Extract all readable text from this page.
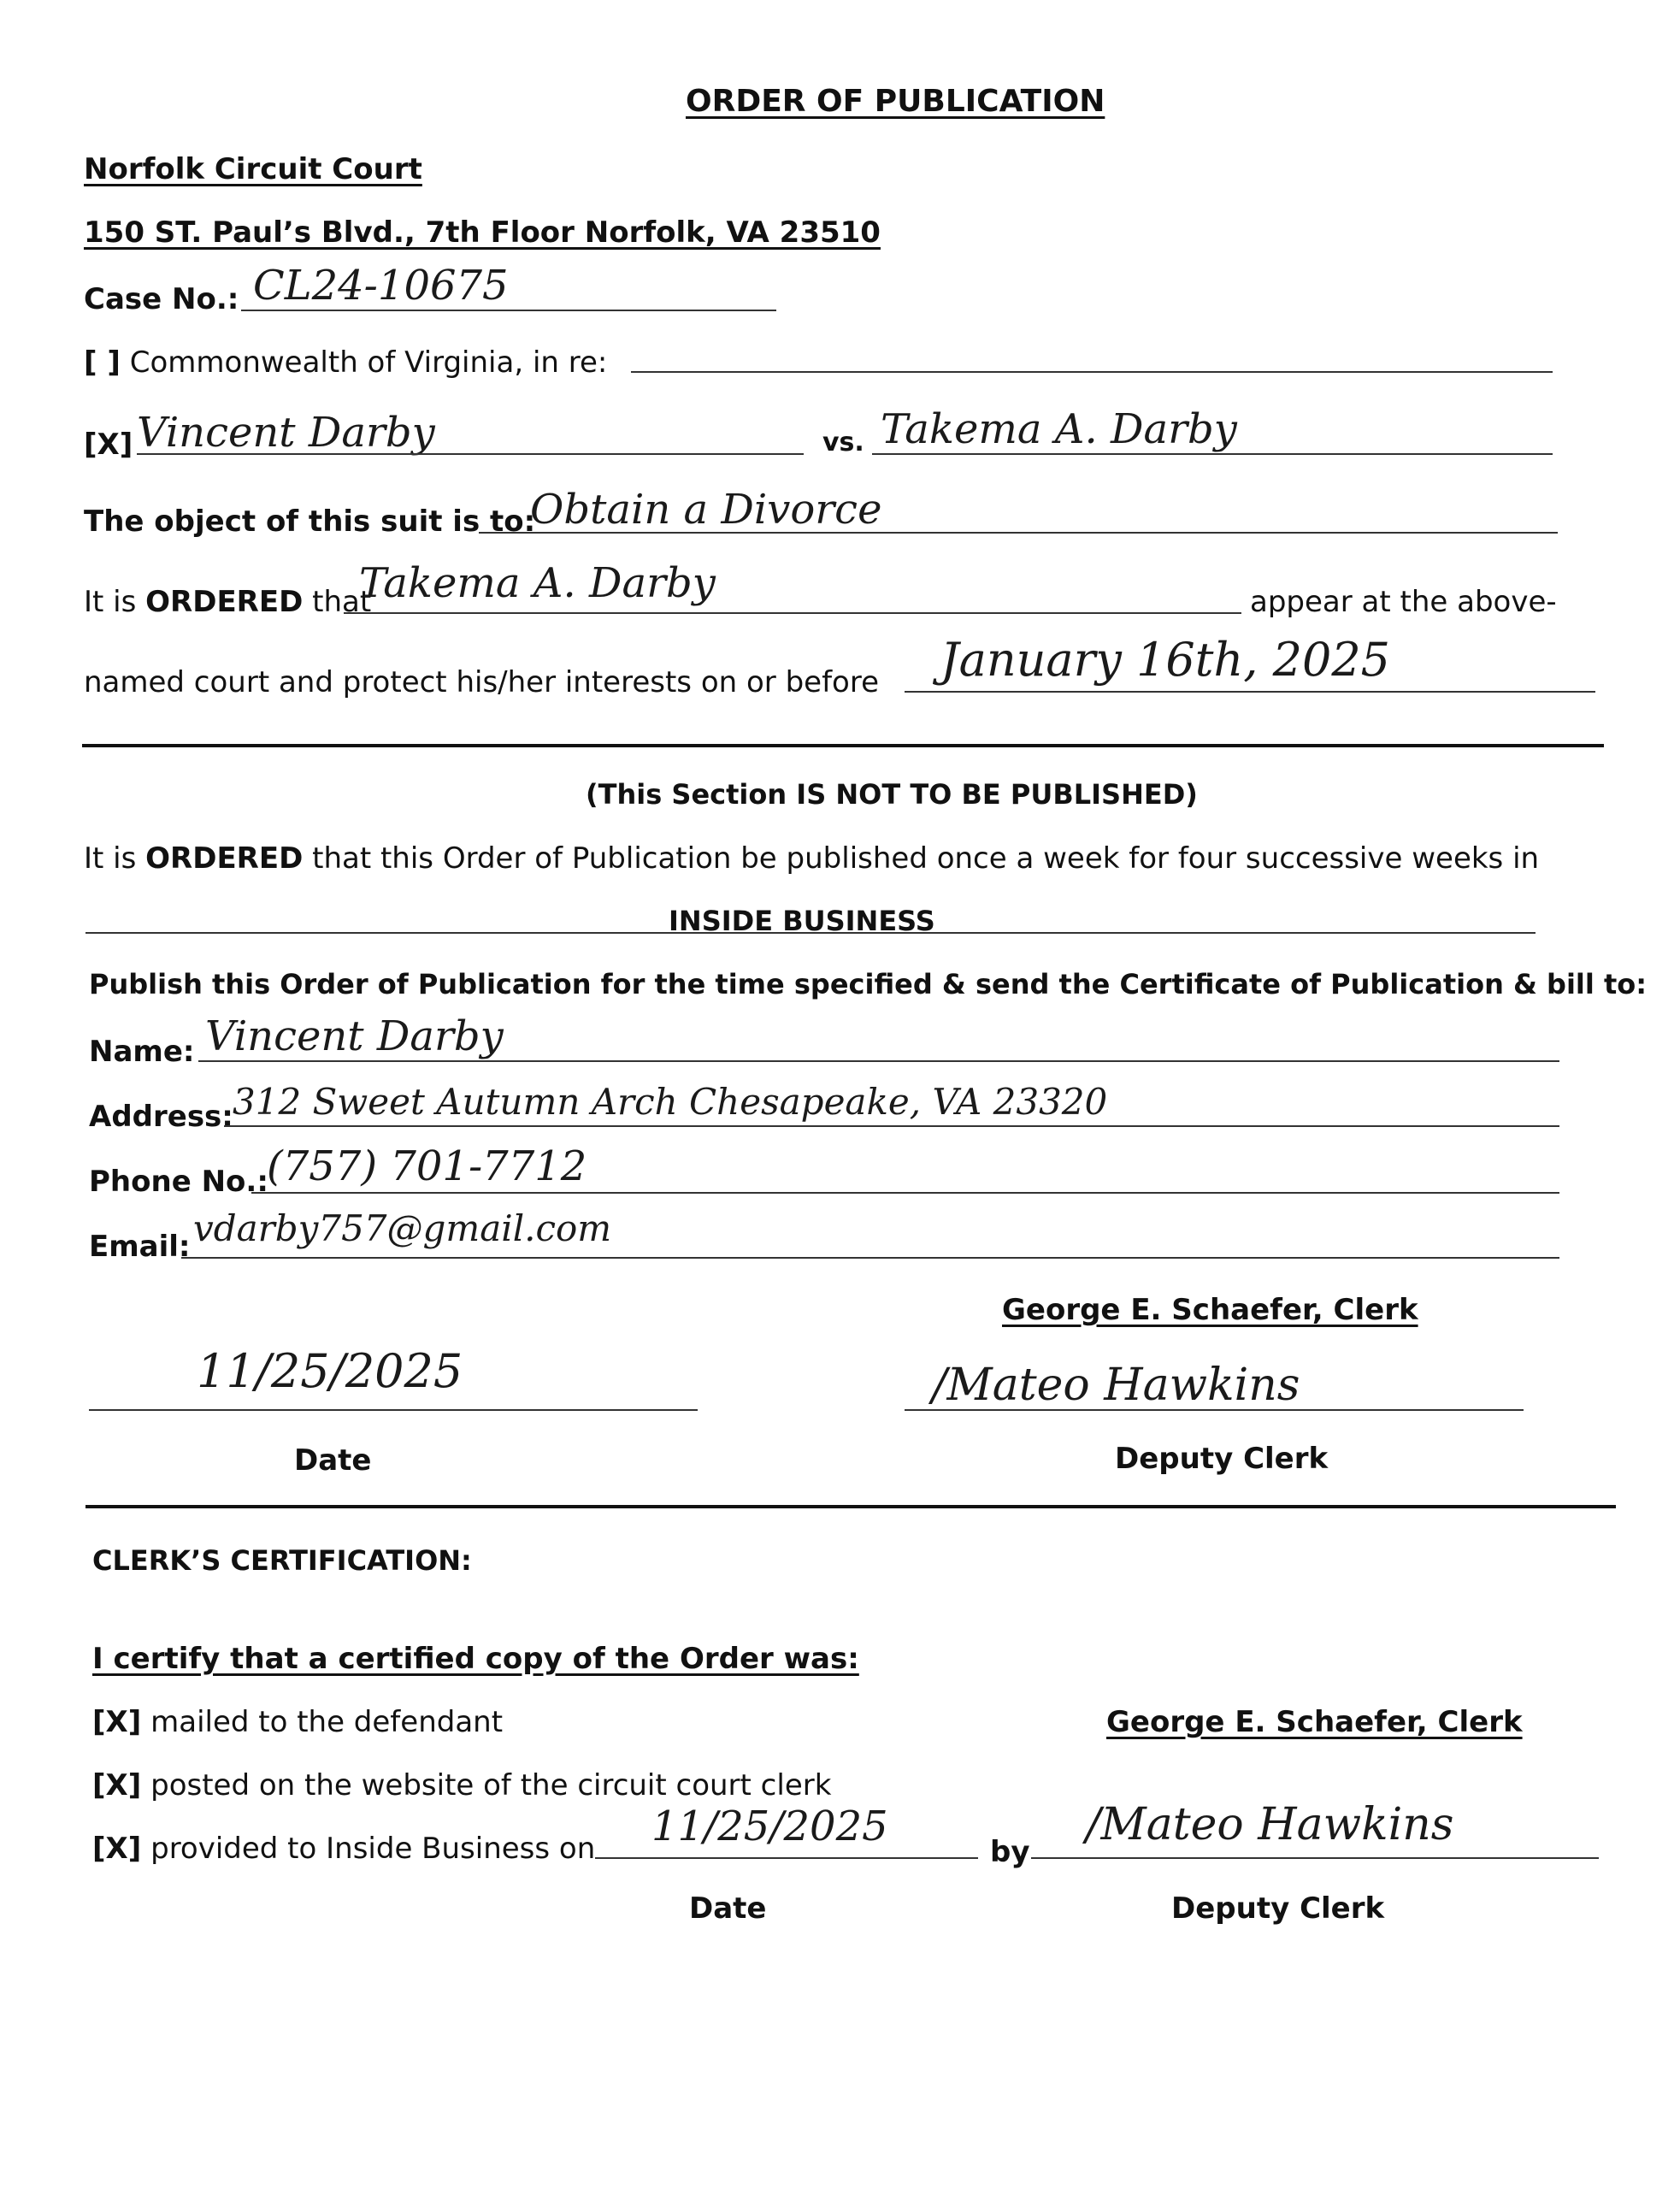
ORDER OF PUBLICATION
Norfolk Circuit Court
150 ST. Paul’s Blvd., 7th Floor Norfolk, VA 23510
Case No.: CL24-10675
[ ] Commonwealth of Virginia, in re:
[X] Vincent Darby	vs. Takema A. Darby
The object of this suit is to:
Obtain a Divorce
It is ORDERED that
Takema A. Darby	appear at the above-
named court and protect his/her interests on or before January 16th, 2025
(This Section IS NOT TO BE PUBLISHED)
It is ORDERED that this Order of Publication be published once a week for four successive weeks in
INSIDE BUSINESS
Publish this Order of Publication for the time specified & send the Certificate of Publication & bill to:
Name: Vincent Darby
Address: 312 Sweet Autumn Arch Chesapeake, VA 23320
Phone No.:
(757) 701-7712
Email: vdarby757@gmail.com
George E. Schaefer, Clerk
11/25/2025
Date
/Mateo Hawkins
Deputy Clerk
CLERK’S CERTIFICATION:
I certify that a certified copy of the Order was:
[X] mailed to the defendant	George E. Schaefer, Clerk
[X] posted on the website of the circuit court clerk
[X] provided to Inside Business on 11/25/2025
by
/Mateo Hawkins
Date	Deputy Clerk
